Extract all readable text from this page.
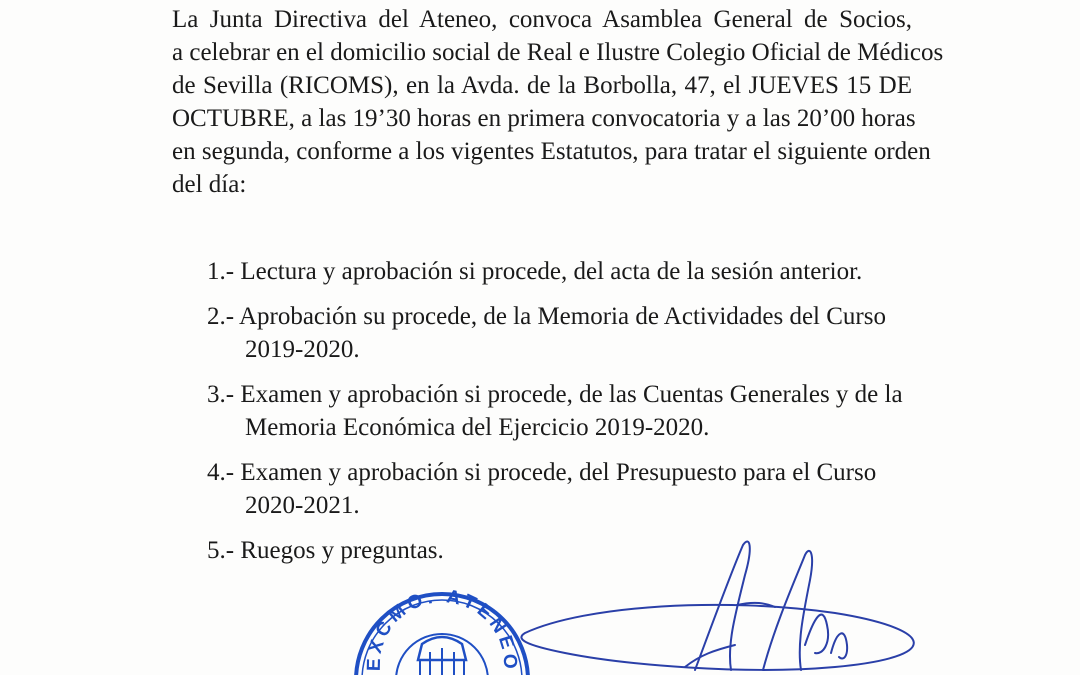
La Junta Directiva del Ateneo, convoca Asamblea General de Socios,
a celebrar en el domicilio social de Real e Ilustre Colegio Oficial de Médicos
de Sevilla (RICOMS), en la Avda. de la Borbolla, 47, el JUEVES 15 DE
OCTUBRE, a las 19’30 horas en primera convocatoria y a las 20’00 horas
en segunda, conforme a los vigentes Estatutos, para tratar el siguiente orden
del día:
1.- Lectura y aprobación si procede, del acta de la sesión anterior.
2.- Aprobación su procede, de la Memoria de Actividades del Curso
2019-2020.
3.- Examen y aprobación si procede, de las Cuentas Generales y de la
Memoria Económica del Ejercicio 2019-2020.
4.- Examen y aprobación si procede, del Presupuesto para el Curso
2020-2021.
5.- Ruegos y preguntas.
EXCMO. ATENEO
